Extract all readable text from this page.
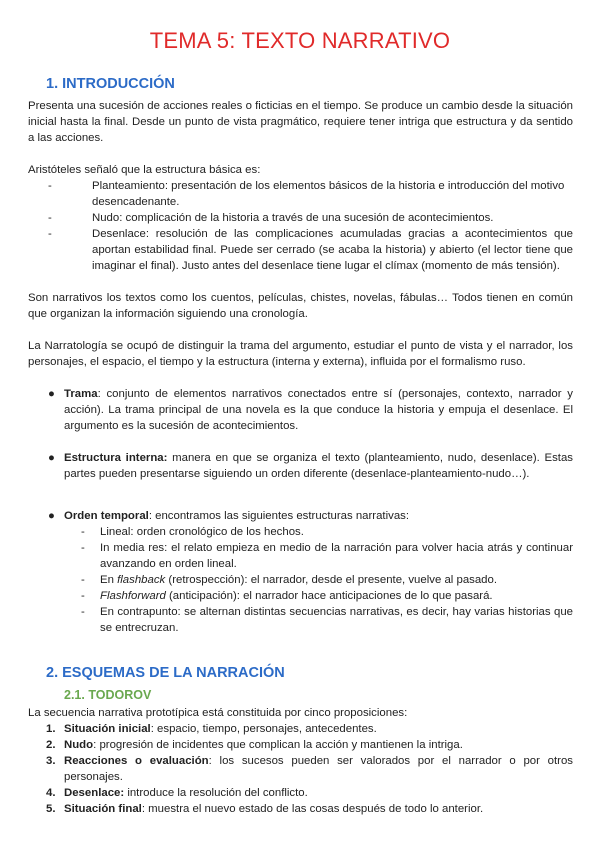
TEMA 5: TEXTO NARRATIVO
1. INTRODUCCIÓN
Presenta una sucesión de acciones reales o ficticias en el tiempo. Se produce un cambio desde la situación inicial hasta la final. Desde un punto de vista pragmático, requiere tener intriga que estructura y da sentido a las acciones.
Aristóteles señaló que la estructura básica es:
-	Planteamiento: presentación de los elementos básicos de la historia e introducción del motivo desencadenante.
-	Nudo: complicación de la historia a través de una sucesión de acontecimientos.
-	Desenlace: resolución de las complicaciones acumuladas gracias a acontecimientos que aportan estabilidad final. Puede ser cerrado (se acaba la historia) y abierto (el lector tiene que imaginar el final). Justo antes del desenlace tiene lugar el clímax (momento de más tensión).
Son narrativos los textos como los cuentos, películas, chistes, novelas, fábulas… Todos tienen en común que organizan la información siguiendo una cronología.
La Narratología se ocupó de distinguir la trama del argumento, estudiar el punto de vista y el narrador, los personajes, el espacio, el tiempo y la estructura (interna y externa), influida por el formalismo ruso.
● Trama: conjunto de elementos narrativos conectados entre sí (personajes, contexto, narrador y acción). La trama principal de una novela es la que conduce la historia y empuja el desenlace. El argumento es la sucesión de acontecimientos.
● Estructura interna: manera en que se organiza el texto (planteamiento, nudo, desenlace). Estas partes pueden presentarse siguiendo un orden diferente (desenlace-planteamiento-nudo…).
● Orden temporal: encontramos las siguientes estructuras narrativas:
- Lineal: orden cronológico de los hechos.
- In media res: el relato empieza en medio de la narración para volver hacia atrás y continuar avanzando en orden lineal.
- En flashback (retrospección): el narrador, desde el presente, vuelve al pasado.
- Flashforward (anticipación): el narrador hace anticipaciones de lo que pasará.
- En contrapunto: se alternan distintas secuencias narrativas, es decir, hay varias historias que se entrecruzan.
2. ESQUEMAS DE LA NARRACIÓN
2.1. TODOROV
La secuencia narrativa prototípica está constituida por cinco proposiciones:
1. Situación inicial: espacio, tiempo, personajes, antecedentes.
2. Nudo: progresión de incidentes que complican la acción y mantienen la intriga.
3. Reacciones o evaluación: los sucesos pueden ser valorados por el narrador o por otros personajes.
4. Desenlace: introduce la resolución del conflicto.
5. Situación final: muestra el nuevo estado de las cosas después de todo lo anterior.
